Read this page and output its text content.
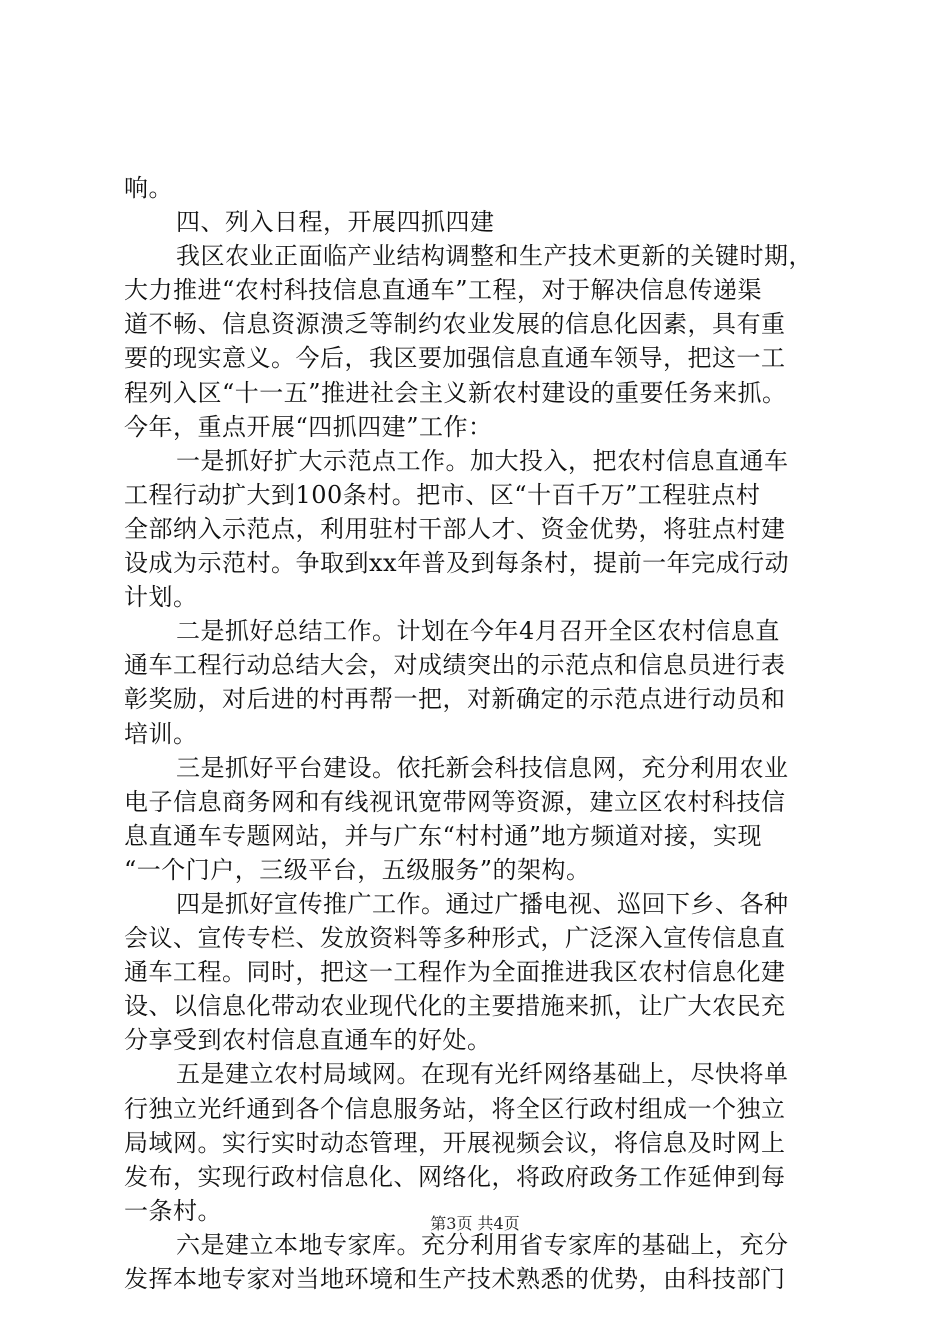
响。
四、列入日程，开展四抓四建
我区农业正面临产业结构调整和生产技术更新的关键时期，
大力推进“农村科技信息直通车”工程，对于解决信息传递渠
道不畅、信息资源溃乏等制约农业发展的信息化因素，具有重
要的现实意义。今后，我区要加强信息直通车领导，把这一工
程列入区“十一五”推进社会主义新农村建设的重要任务来抓。
今年，重点开展“四抓四建”工作：
一是抓好扩大示范点工作。加大投入，把农村信息直通车
工程行动扩大到100条村。把市、区“十百千万”工程驻点村
全部纳入示范点，利用驻村干部人才、资金优势，将驻点村建
设成为示范村。争取到xx年普及到每条村，提前一年完成行动
计划。
二是抓好总结工作。计划在今年4月召开全区农村信息直
通车工程行动总结大会，对成绩突出的示范点和信息员进行表
彰奖励，对后进的村再帮一把，对新确定的示范点进行动员和
培训。
三是抓好平台建设。依托新会科技信息网，充分利用农业
电子信息商务网和有线视讯宽带网等资源，建立区农村科技信
息直通车专题网站，并与广东“村村通”地方频道对接，实现
“一个门户，三级平台，五级服务”的架构。
四是抓好宣传推广工作。通过广播电视、巡回下乡、各种
会议、宣传专栏、发放资料等多种形式，广泛深入宣传信息直
通车工程。同时，把这一工程作为全面推进我区农村信息化建
设、以信息化带动农业现代化的主要措施来抓，让广大农民充
分享受到农村信息直通车的好处。
五是建立农村局域网。在现有光纤网络基础上，尽快将单
行独立光纤通到各个信息服务站，将全区行政村组成一个独立
局域网。实行实时动态管理，开展视频会议，将信息及时网上
发布，实现行政村信息化、网络化，将政府政务工作延伸到每
一条村。
六是建立本地专家库。充分利用省专家库的基础上，充分
发挥本地专家对当地环境和生产技术熟悉的优势，由科技部门
第3页 共4页
